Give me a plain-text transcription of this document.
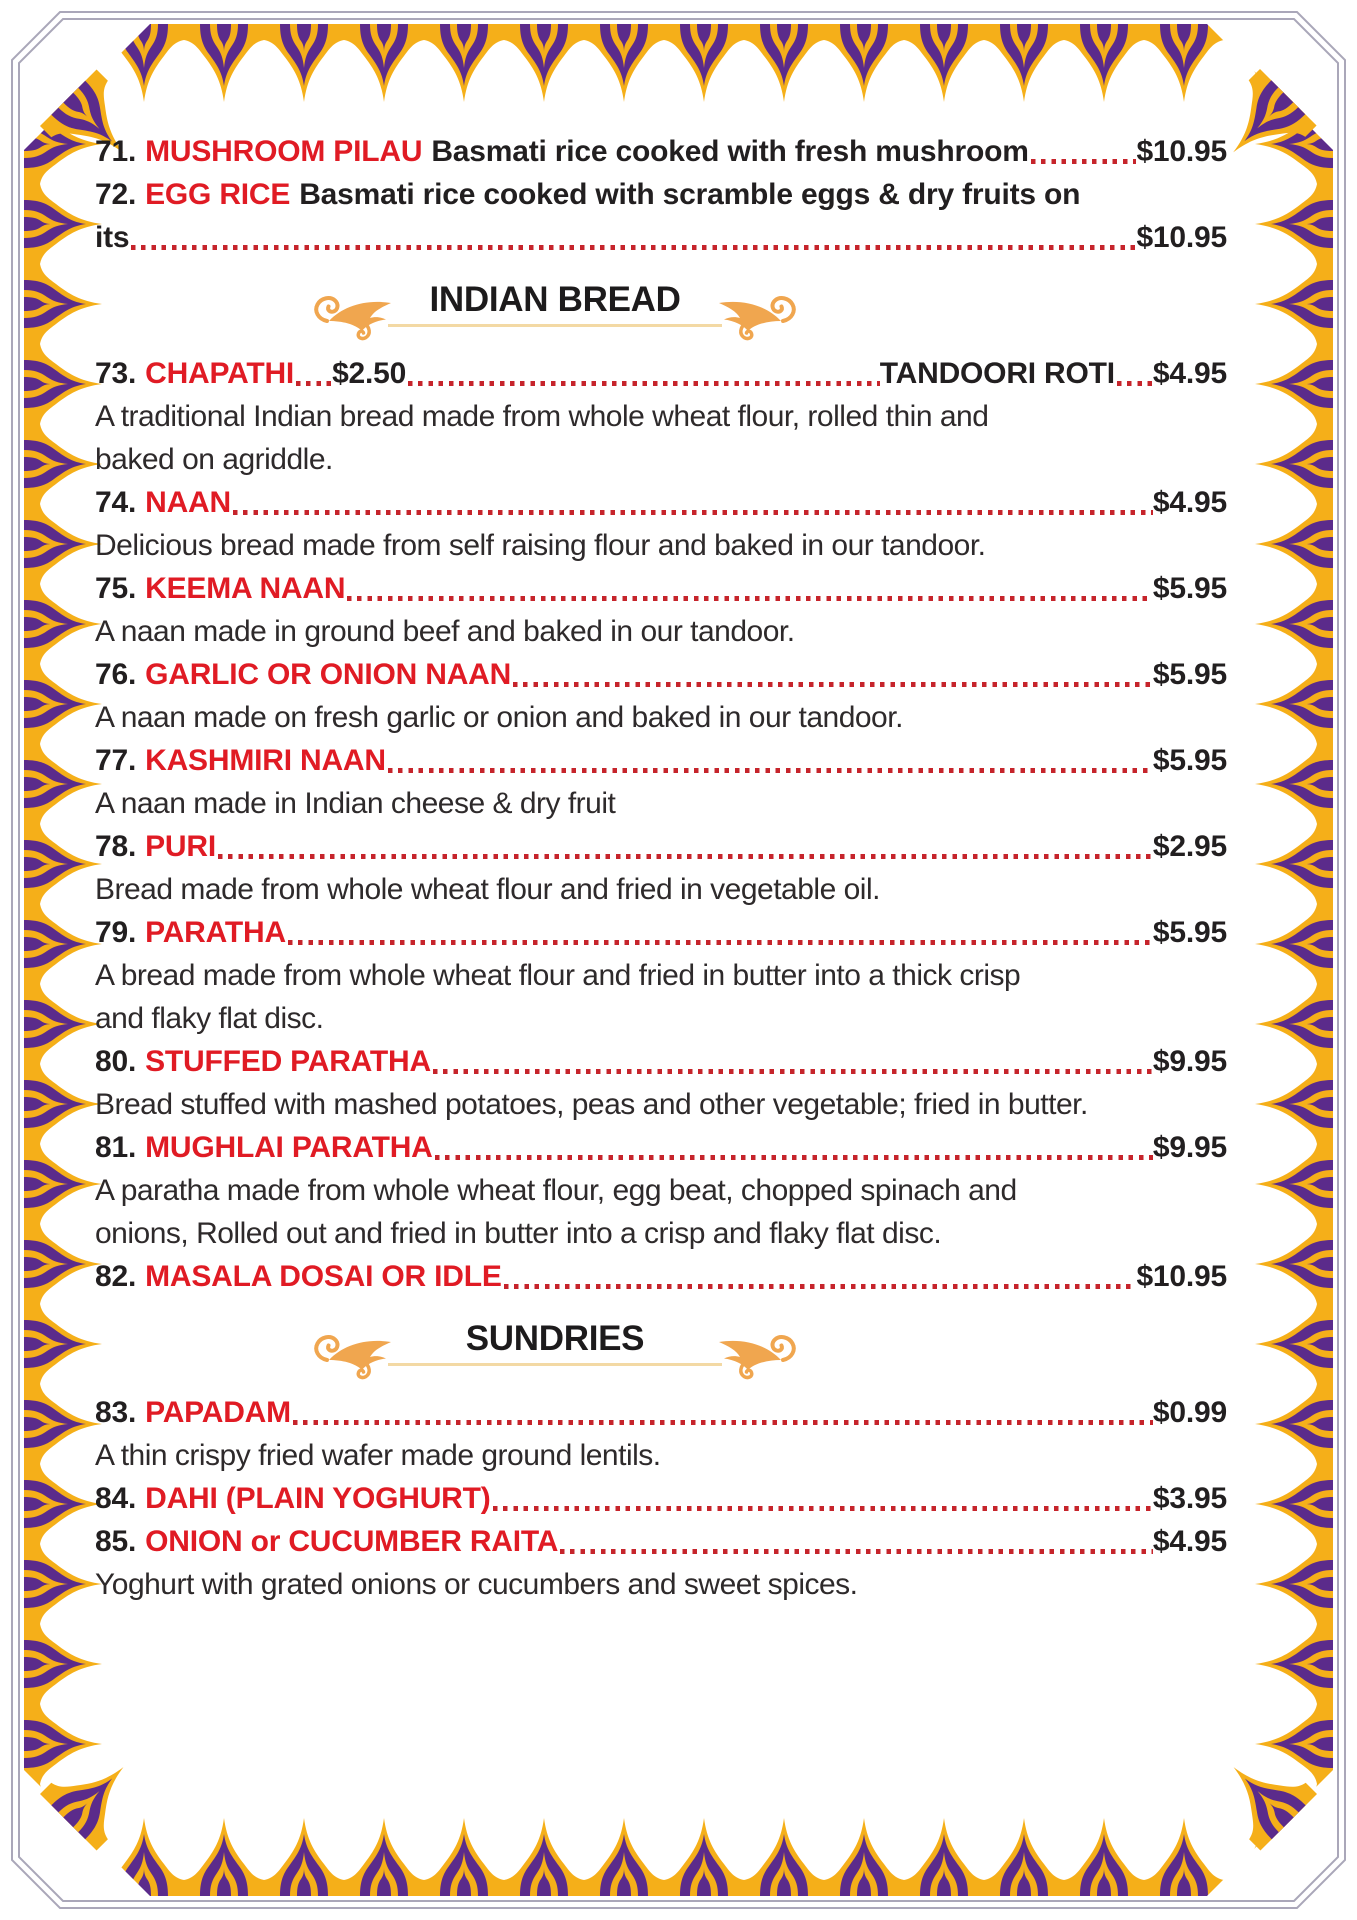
71. MUSHROOM PILAU Basmati rice cooked with fresh mushroom	$10.95
72. EGG RICE Basmati rice cooked with scramble eggs & dry fruits on
its	$10.95
INDIAN BREAD
73. CHAPATHI $2.50	TANDOORI ROTI $4.95
A traditional Indian bread made from whole wheat flour, rolled thin and
baked on agriddle.
74. NAAN	$4.95
Delicious bread made from self raising flour and baked in our tandoor.
75. KEEMA NAAN	$5.95
A naan made in ground beef and baked in our tandoor.
76. GARLIC OR ONION NAAN	$5.95
A naan made on fresh garlic or onion and baked in our tandoor.
77. KASHMIRI NAAN	$5.95
A naan made in Indian cheese & dry fruit
78. PURI	$2.95
Bread made from whole wheat flour and fried in vegetable oil.
79. PARATHA	$5.95
A bread made from whole wheat flour and fried in butter into a thick crisp
and flaky flat disc.
80. STUFFED PARATHA	$9.95
Bread stuffed with mashed potatoes, peas and other vegetable; fried in butter.
81. MUGHLAI PARATHA	$9.95
A paratha made from whole wheat flour, egg beat, chopped spinach and
onions, Rolled out and fried in butter into a crisp and flaky flat disc.
82. MASALA DOSAI OR IDLE	$10.95
SUNDRIES
83. PAPADAM	$0.99
A thin crispy fried wafer made ground lentils.
84. DAHI (PLAIN YOGHURT)	$3.95
85. ONION or CUCUMBER RAITA	$4.95
Yoghurt with grated onions or cucumbers and sweet spices.
